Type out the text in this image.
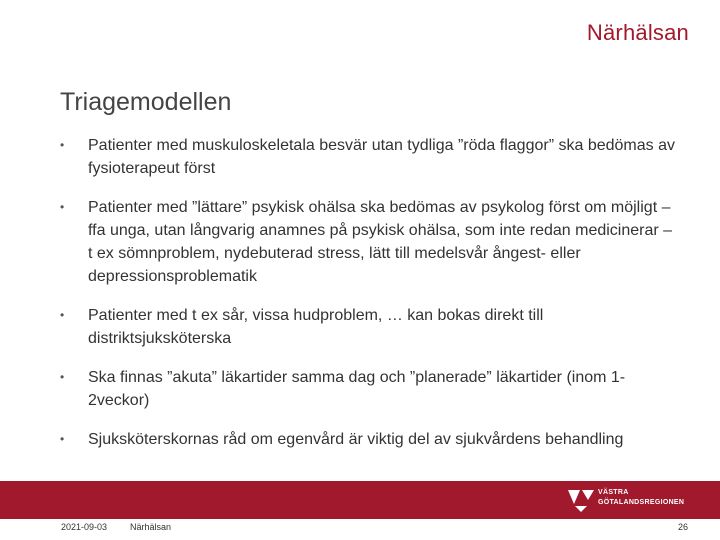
Närhälsan
Triagemodellen
• Patienter med muskuloskeletala besvär utan tydliga ”röda flaggor” ska bedömas av fysioterapeut först
• Patienter med ”lättare” psykisk ohälsa ska bedömas av psykolog först om möjligt – ffa unga, utan långvarig anamnes på psykisk ohälsa, som inte redan medicinerar – t ex sömnproblem, nydebuterad stress, lätt till medelsvår ångest- eller depressionsproblematik
• Patienter med t ex sår, vissa hudproblem, … kan bokas direkt till distriktsjuksköterska
• Ska finnas ”akuta” läkartider samma dag och ”planerade” läkartider (inom 1-2veckor)
• Sjuksköterskornas råd om egenvård är viktig del av sjukvårdens behandling
VÄSTRA
GÖTALANDSREGIONEN
2021-09-03	Närhälsan	26
